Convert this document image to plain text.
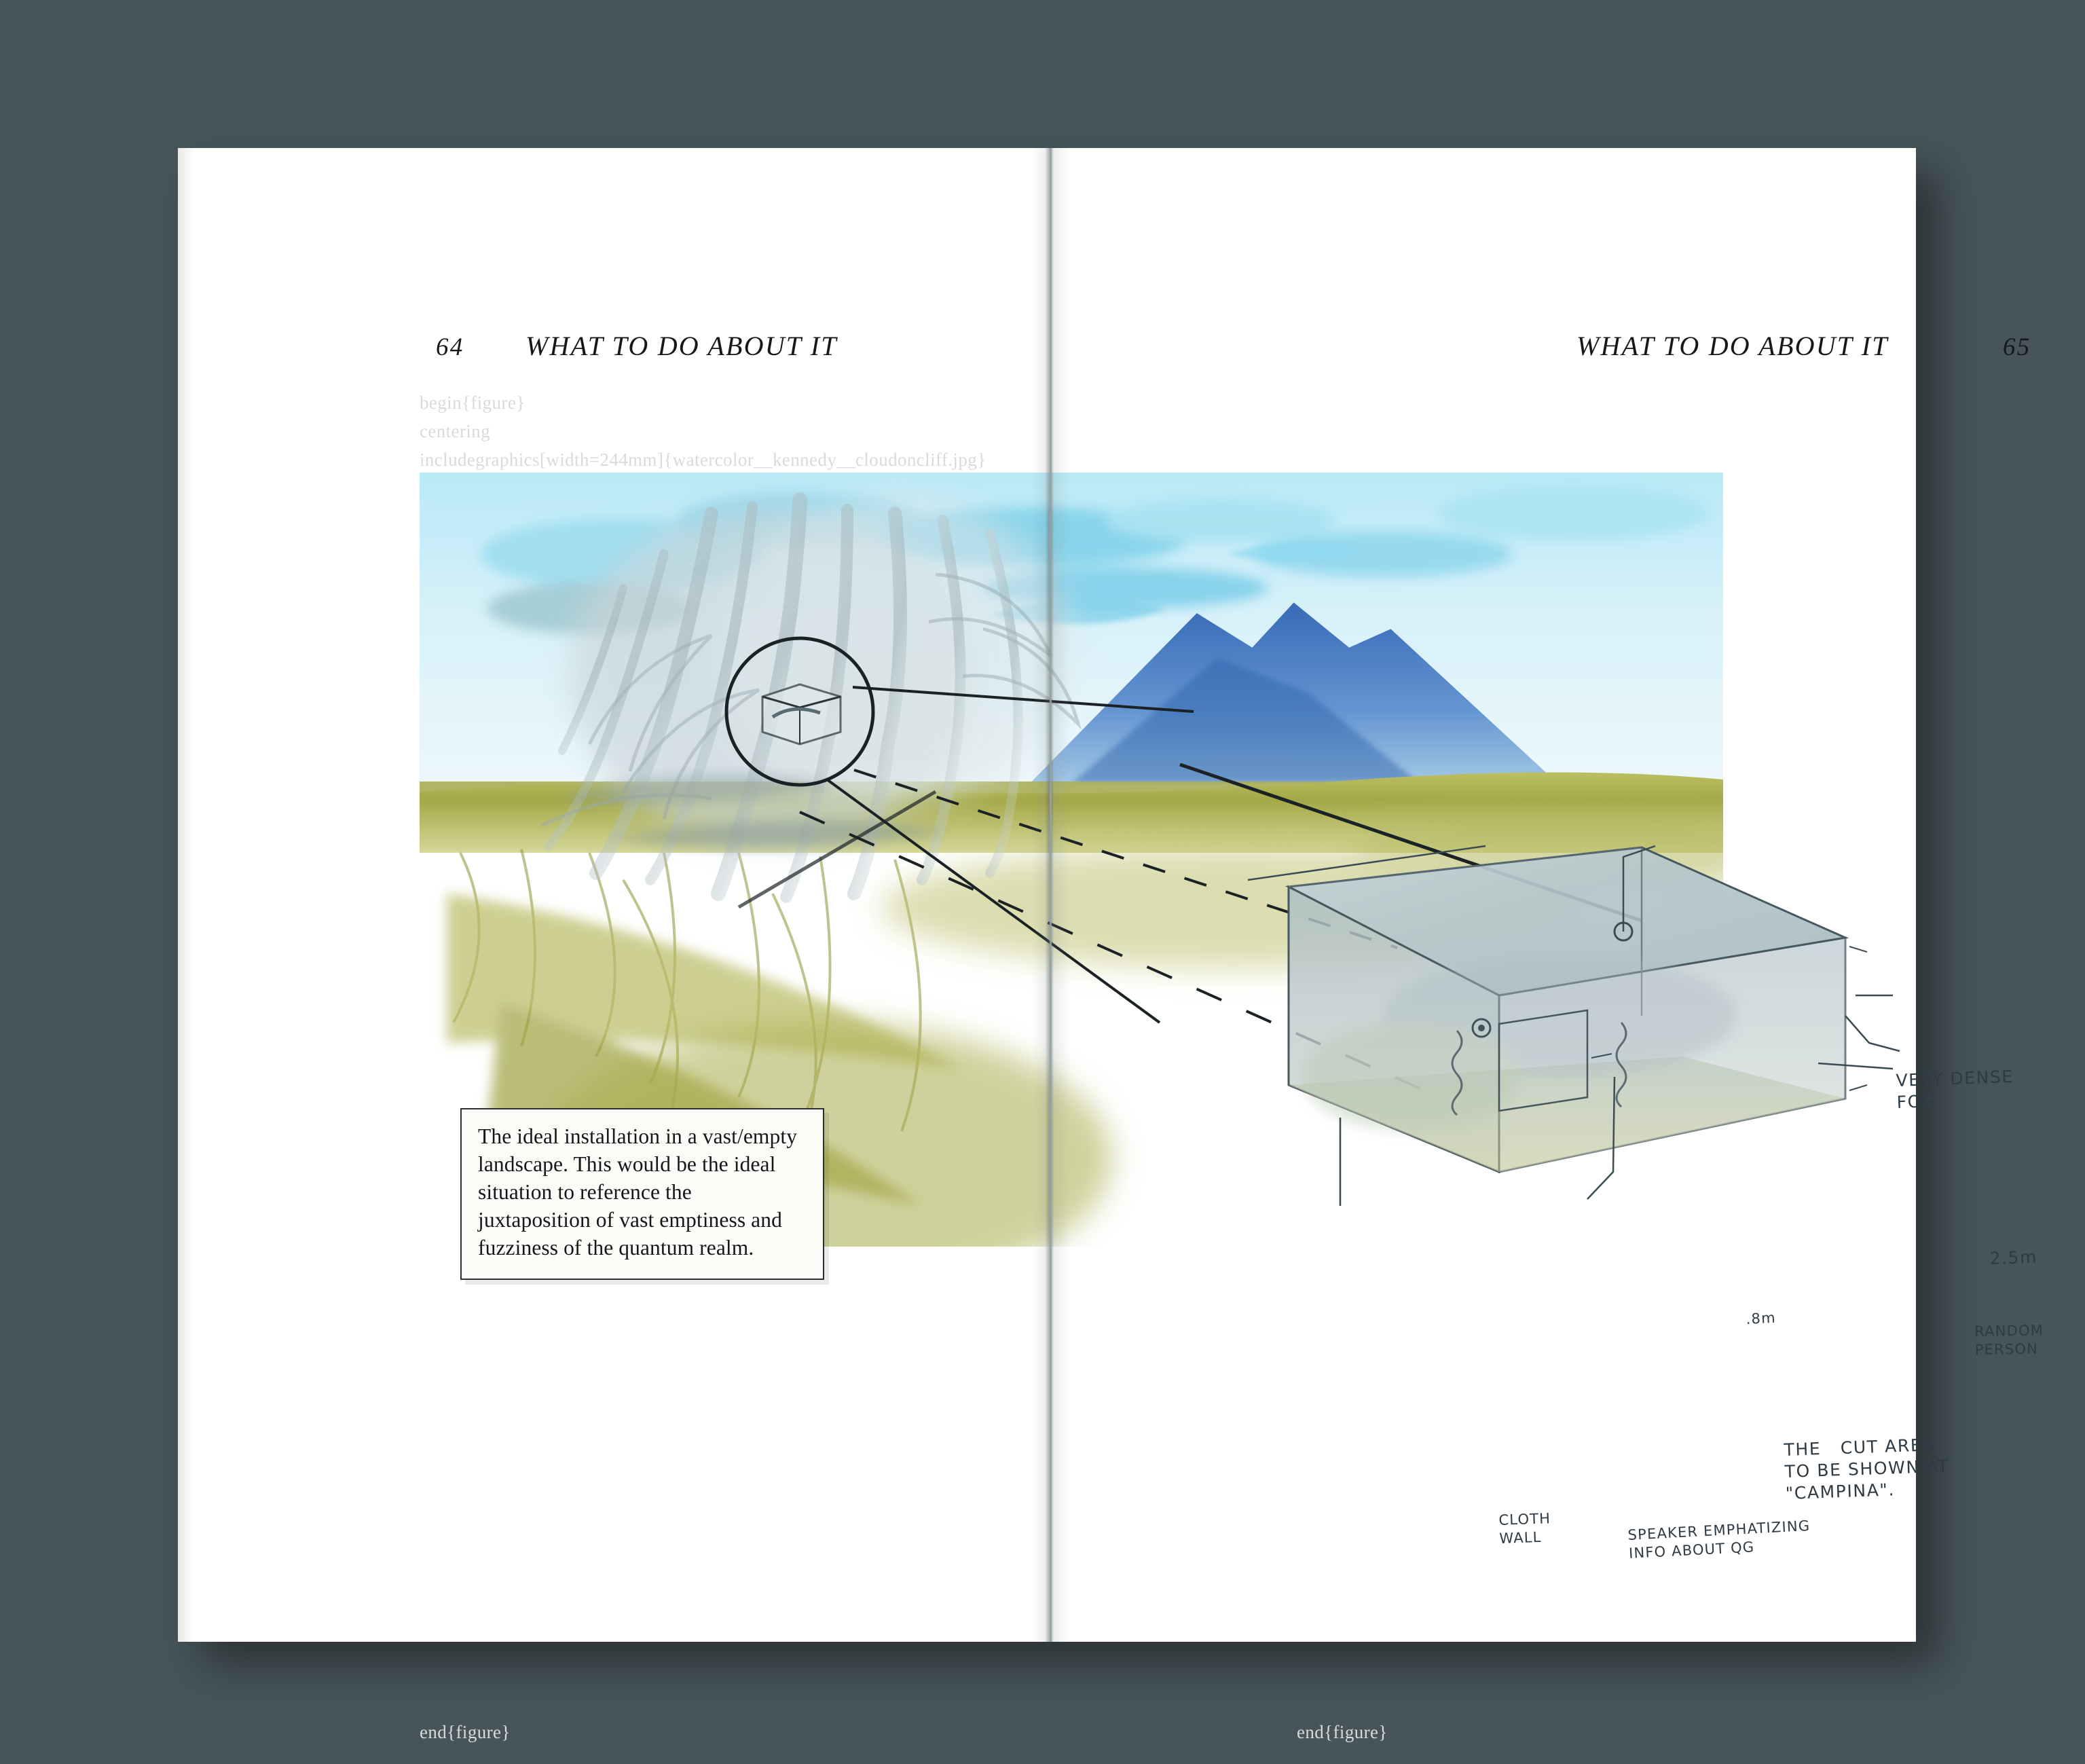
64 WHAT TO DO ABOUT IT	WHAT TO DO ABOUT IT	65
begin{figure}
centering
includegraphics[width=244mm]{watercolor__kennedy__cloudoncliff.jpg}
end{figure}	end{figure}
The ideal installation in a vast/empty landscape. This would be the ideal situation to reference the juxtaposition of vast emptiness and fuzziness of the quantum realm.
VERY DENSE
FOG
2.5m
.8m
RANDOM
PERSON
CLOTH
WALL	SPEAKER EMPHATIZING
INFO ABOUT QG
THE   CUT AREA
TO BE SHOWN AT
"CAMPINA".
